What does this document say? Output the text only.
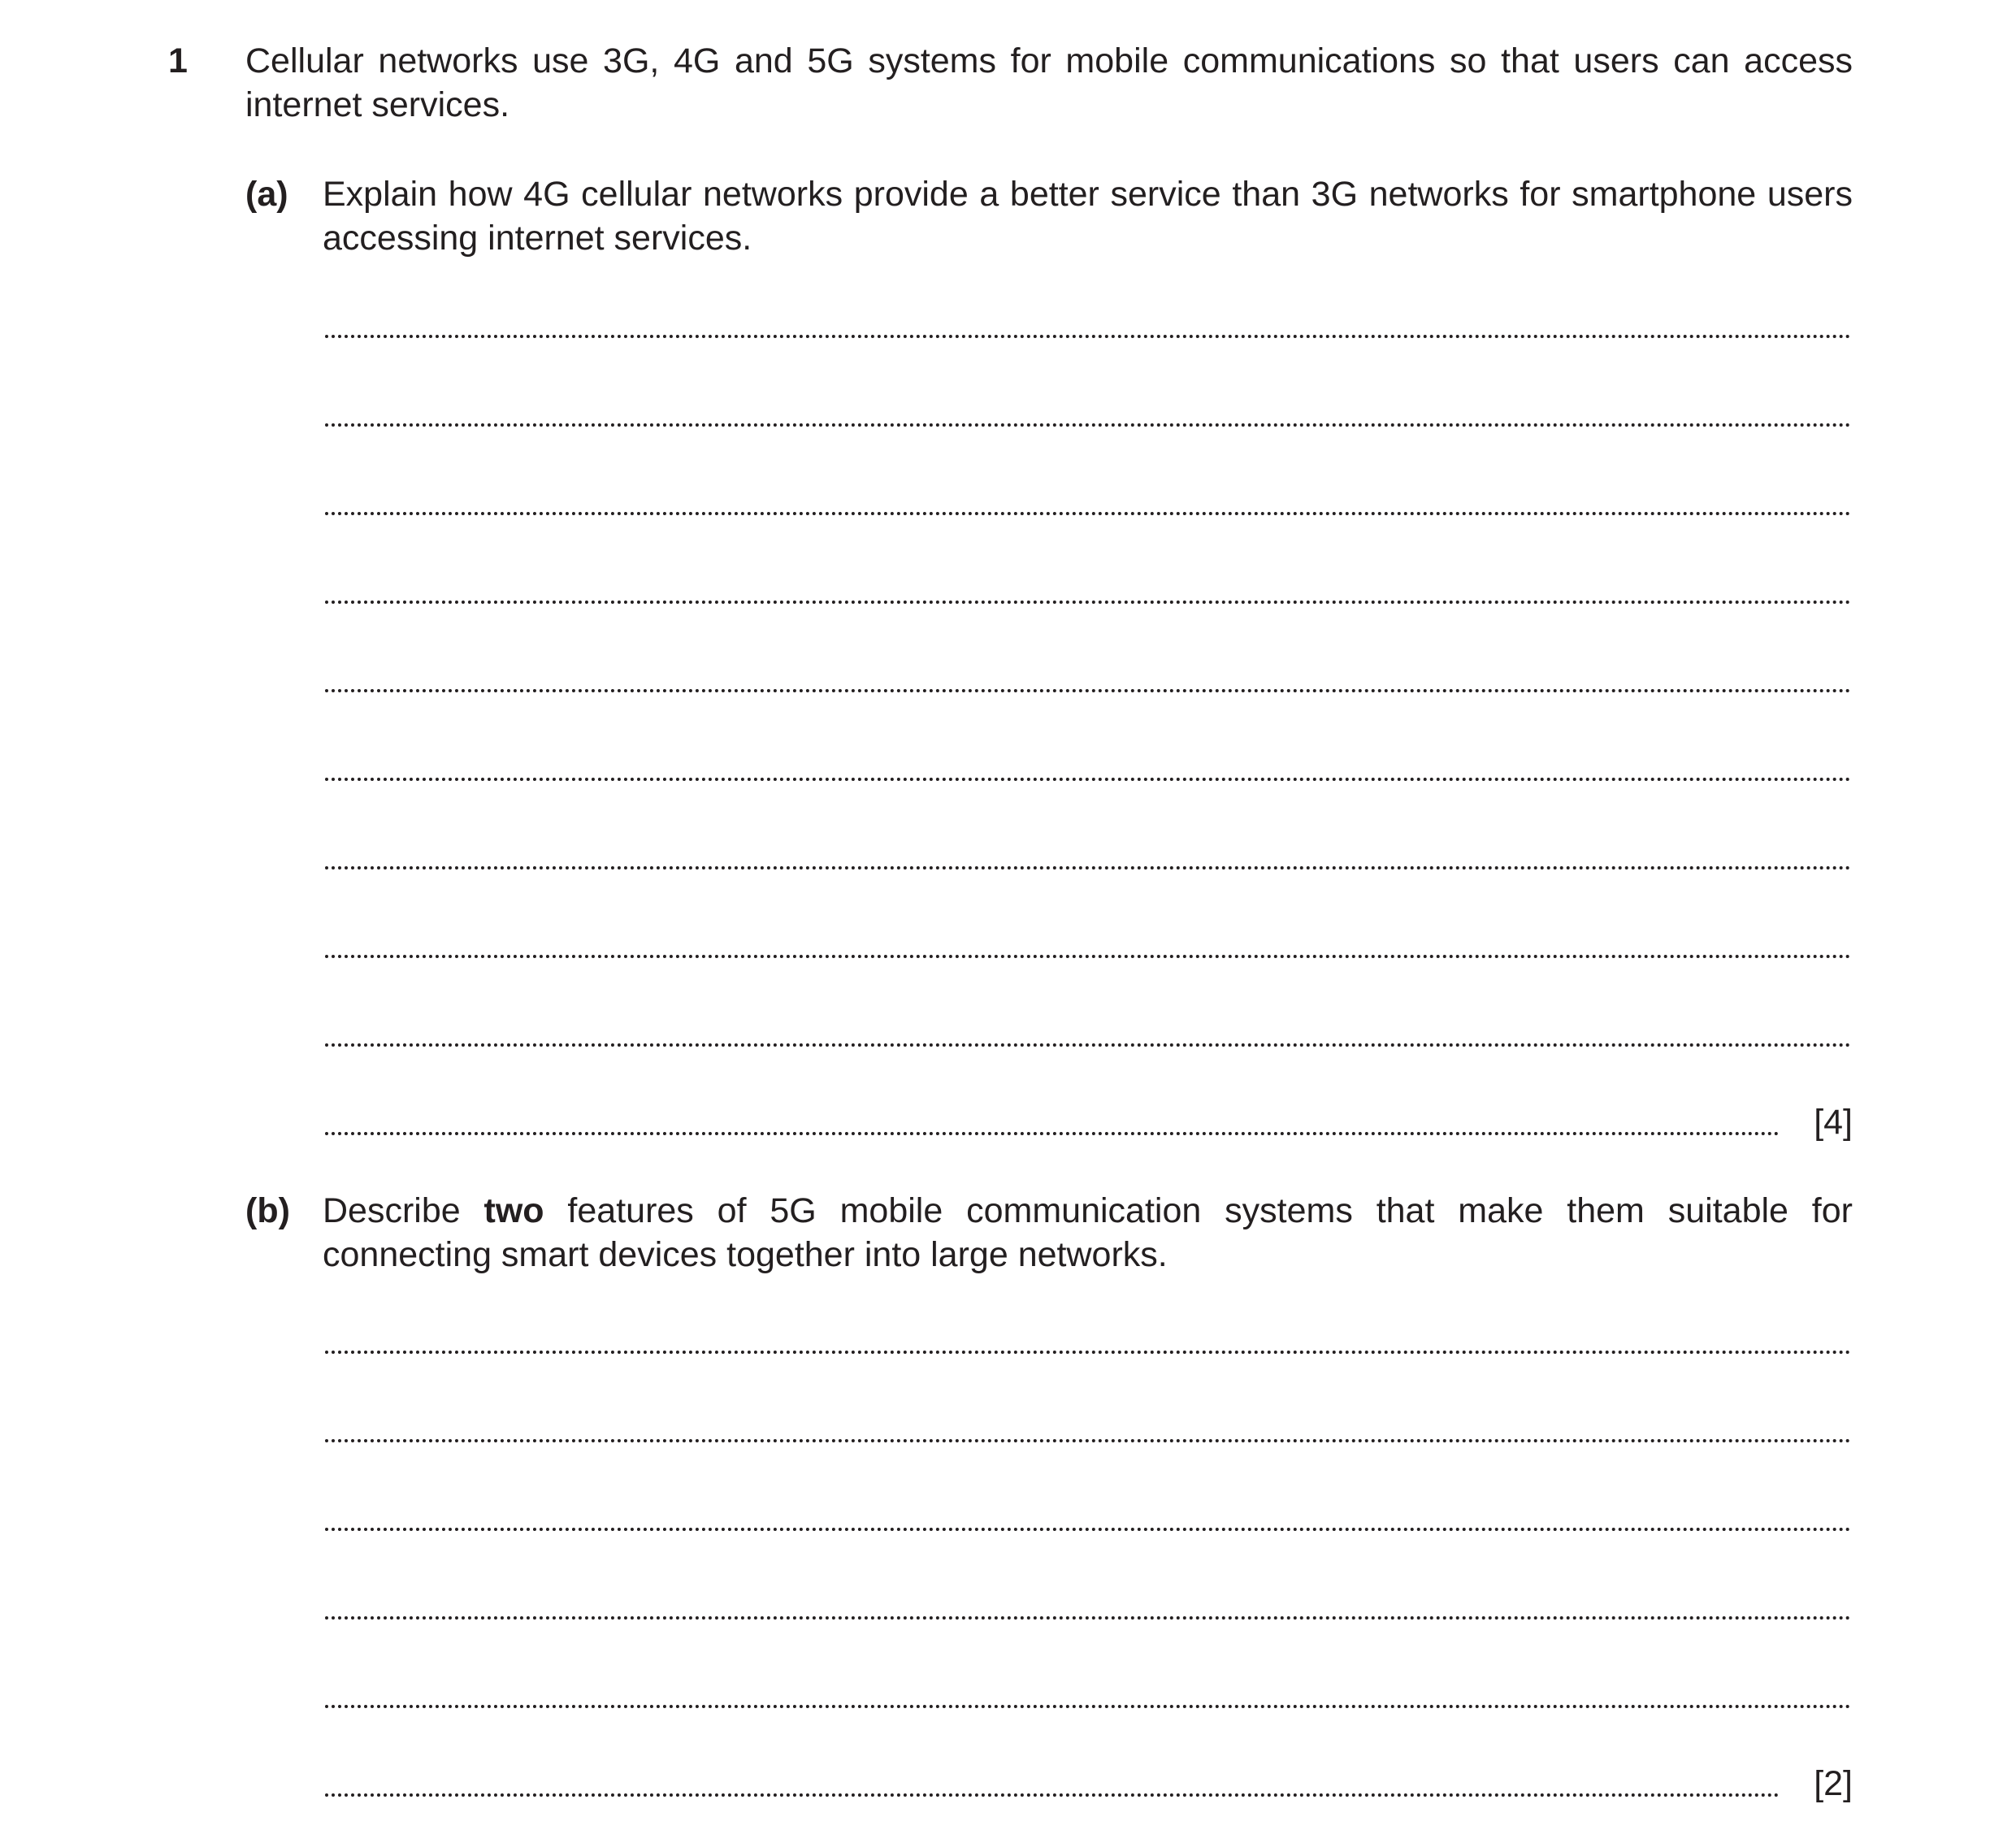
1 Cellular networks use 3G, 4G and 5G systems for mobile communications so that users can access internet services.
(a) Explain how 4G cellular networks provide a better service than 3G networks for smartphone users accessing internet services.
[4]
(b) Describe two features of 5G mobile communication systems that make them suitable for connecting smart devices together into large networks.
[2]
